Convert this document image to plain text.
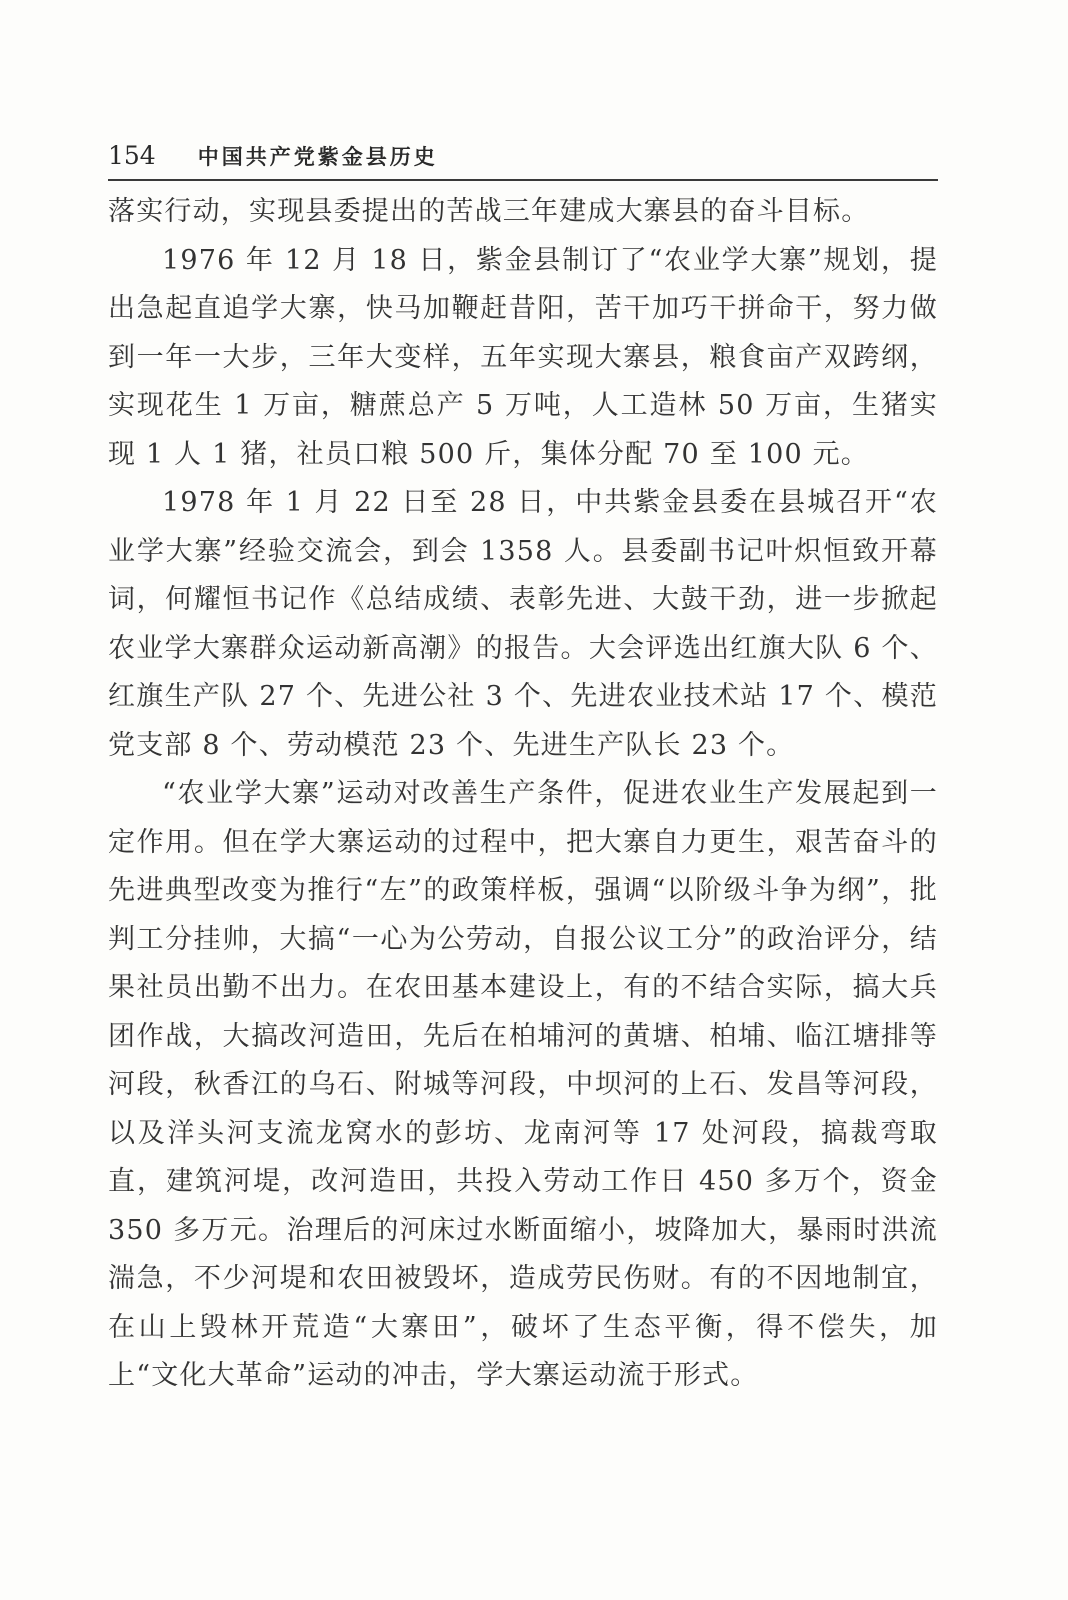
154 中国共产党紫金县历史

落实行动，实现县委提出的苦战三年建成大寨县的奋斗目标。

1976 年 12 月 18 日，紫金县制订了“农业学大寨”规划，提出急起直追学大寨，快马加鞭赶昔阳，苦干加巧干拼命干，努力做到一年一大步，三年大变样，五年实现大寨县，粮食亩产双跨纲，实现花生 1 万亩，糖蔗总产 5 万吨，人工造林 50 万亩，生猪实现 1 人 1 猪，社员口粮 500 斤，集体分配 70 至 100 元。

1978 年 1 月 22 日至 28 日，中共紫金县委在县城召开“农业学大寨”经验交流会，到会 1358 人。县委副书记叶炽恒致开幕词，何耀恒书记作《总结成绩、表彰先进、大鼓干劲，进一步掀起农业学大寨群众运动新高潮》的报告。大会评选出红旗大队 6 个、红旗生产队 27 个、先进公社 3 个、先进农业技术站 17 个、模范党支部 8 个、劳动模范 23 个、先进生产队长 23 个。

“农业学大寨”运动对改善生产条件，促进农业生产发展起到一定作用。但在学大寨运动的过程中，把大寨自力更生，艰苦奋斗的先进典型改变为推行“左”的政策样板，强调“以阶级斗争为纲”，批判工分挂帅，大搞“一心为公劳动，自报公议工分”的政治评分，结果社员出勤不出力。在农田基本建设上，有的不结合实际，搞大兵团作战，大搞改河造田，先后在柏埔河的黄塘、柏埔、临江塘排等河段，秋香江的乌石、附城等河段，中坝河的上石、发昌等河段，以及洋头河支流龙窝水的彭坊、龙南河等 17 处河段，搞裁弯取直，建筑河堤，改河造田，共投入劳动工作日 450 多万个，资金 350 多万元。治理后的河床过水断面缩小，坡降加大，暴雨时洪流湍急，不少河堤和农田被毁坏，造成劳民伤财。有的不因地制宜，在山上毁林开荒造“大寨田”，破坏了生态平衡，得不偿失，加上“文化大革命”运动的冲击，学大寨运动流于形式。
